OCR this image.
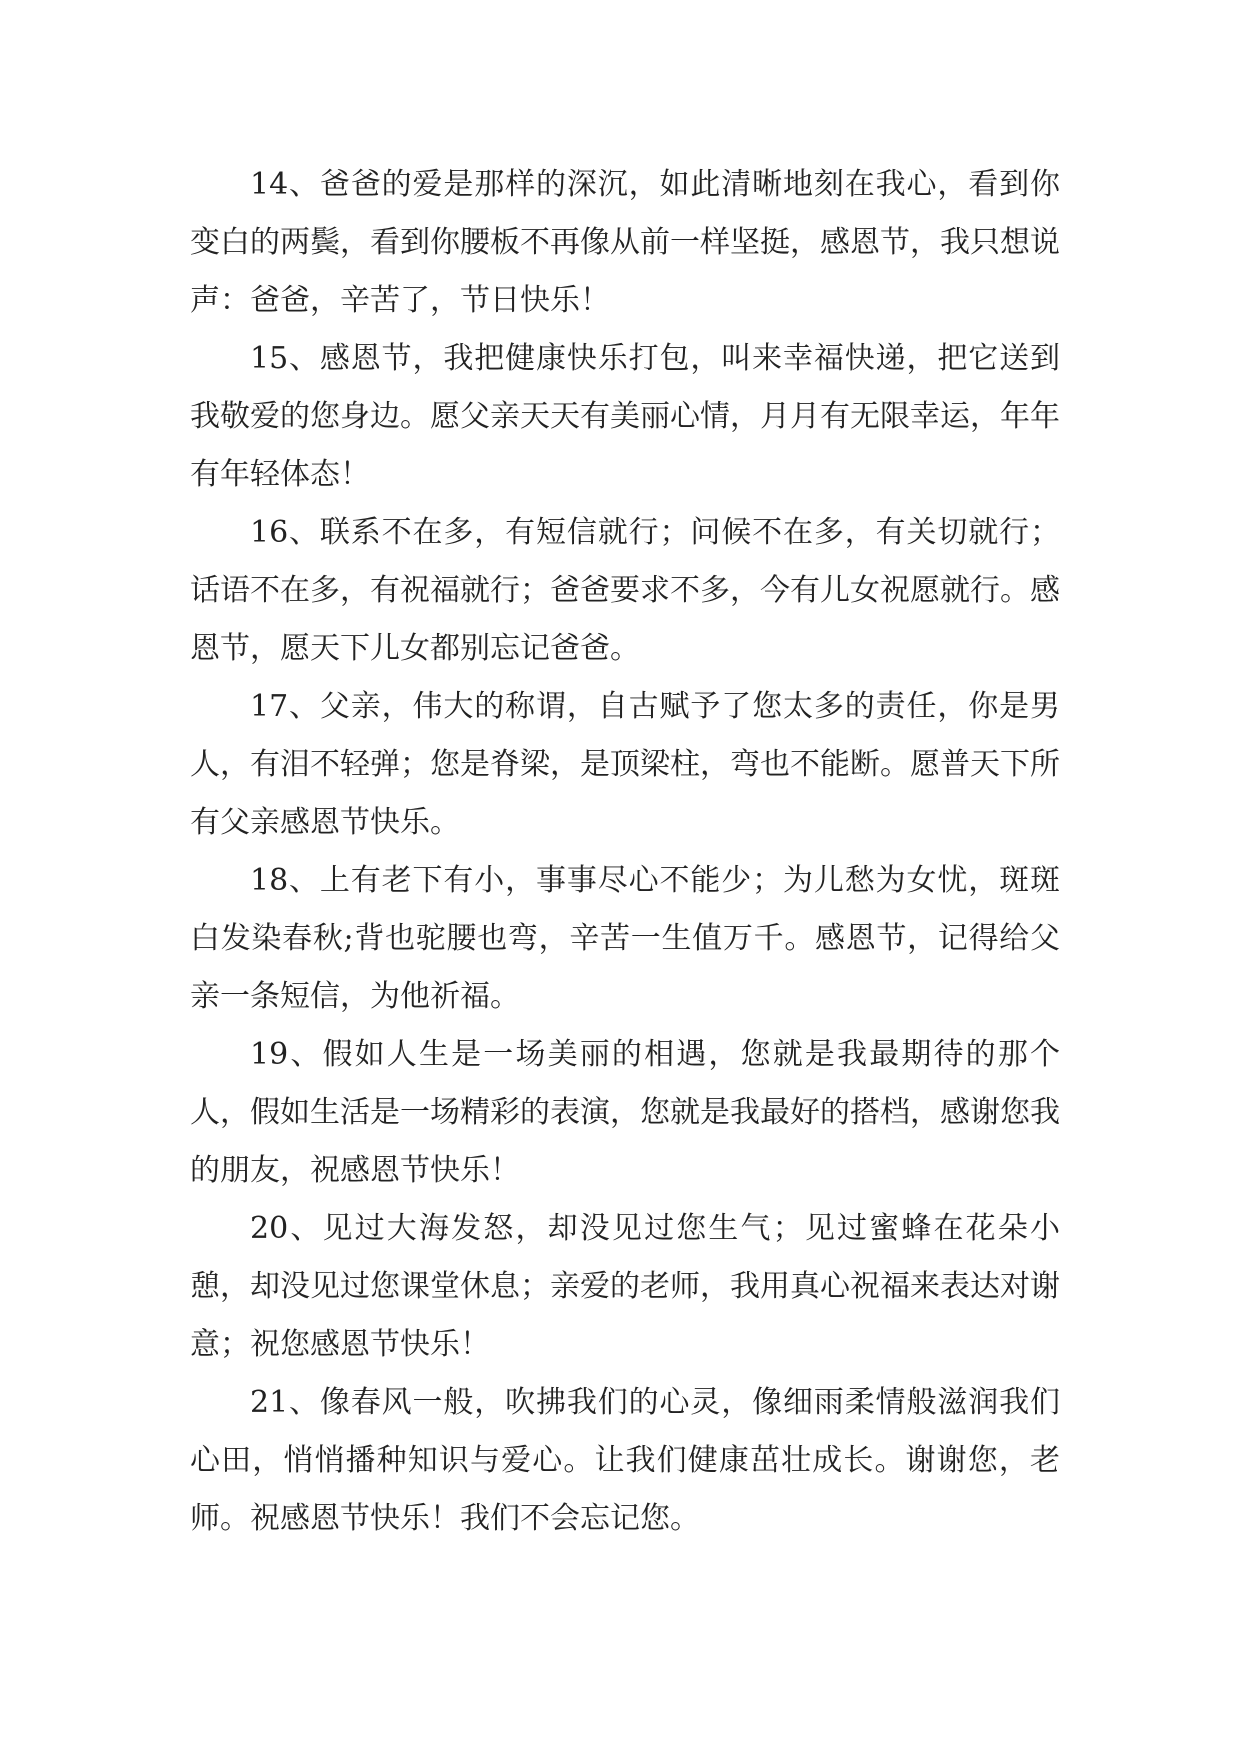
14、爸爸的爱是那样的深沉，如此清晰地刻在我心，看到你变白的两鬓，看到你腰板不再像从前一样坚挺，感恩节，我只想说声：爸爸，辛苦了，节日快乐！

15、感恩节，我把健康快乐打包，叫来幸福快递，把它送到我敬爱的您身边。愿父亲天天有美丽心情，月月有无限幸运，年年有年轻体态！

16、联系不在多，有短信就行；问候不在多，有关切就行；话语不在多，有祝福就行；爸爸要求不多，今有儿女祝愿就行。感恩节，愿天下儿女都别忘记爸爸。

17、父亲，伟大的称谓，自古赋予了您太多的责任，你是男人，有泪不轻弹；您是脊梁，是顶梁柱，弯也不能断。愿普天下所有父亲感恩节快乐。

18、上有老下有小，事事尽心不能少；为儿愁为女忧，斑斑白发染春秋;背也驼腰也弯，辛苦一生值万千。感恩节，记得给父亲一条短信，为他祈福。

19、假如人生是一场美丽的相遇，您就是我最期待的那个人，假如生活是一场精彩的表演，您就是我最好的搭档，感谢您我的朋友，祝感恩节快乐！

20、见过大海发怒，却没见过您生气；见过蜜蜂在花朵小憩，却没见过您课堂休息；亲爱的老师，我用真心祝福来表达对谢意；祝您感恩节快乐！

21、像春风一般，吹拂我们的心灵，像细雨柔情般滋润我们心田，悄悄播种知识与爱心。让我们健康茁壮成长。谢谢您，老师。祝感恩节快乐！我们不会忘记您。
